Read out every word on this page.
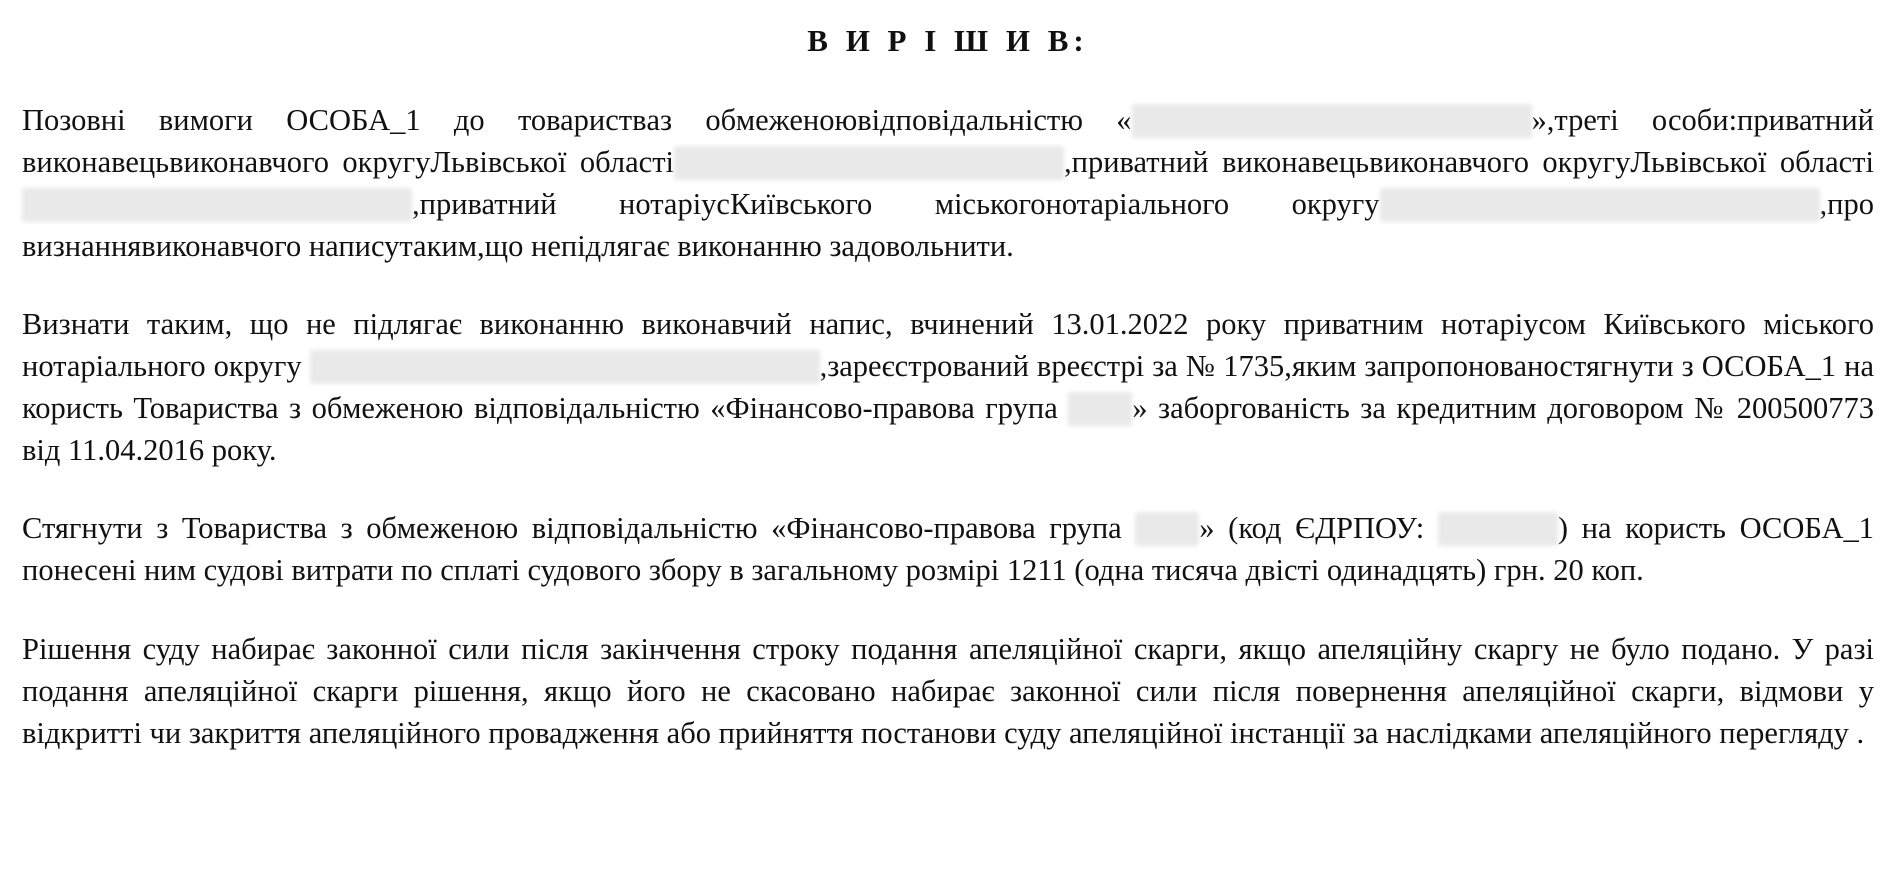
В И Р І Ш И В:

Позовні вимоги ОСОБА_1 до товариствaз обмеженоювідповідальністю «	»,треті особи:приватний виконавецьвиконавчого округуЛьвівської області	,приватний виконавецьвиконавчого округуЛьвівської області,приватний нотаріусКиївського міськогонотаріального округу	,про визнаннявиконавчого написутаким,що непідлягає виконанню задовольнити.

Визнати таким, що не підлягає виконанню виконавчий напис, вчинений 13.01.2022 року приватним нотаріусом Київського міського нотаріального округу	,зареєстрований вреєстрі за № 1735,яким запропонованостягнути з ОСОБА_1 на користь Товариства з обмеженою відповідальністю «Фінансово-правова група » заборгованість за кредитним договором № 200500773 від 11.04.2016 року.

Стягнути з Товариства з обмеженою відповідальністю «Фінансово-правова група » (код ЄДРПОУ:	) на користь ОСОБА_1 понесені ним судові витрати по сплаті судового збору в загальному розмірі 1211 (одна тисяча двісті одинадцять) грн. 20 коп.

Рішення суду набирає законної сили після закінчення строку подання апеляційної скарги, якщо апеляційну скаргу не було подано. У разі подання апеляційної скарги рішення, якщо його не скасовано набирає законної сили після повернення апеляційної скарги, відмови у відкритті чи закриття апеляційного провадження або прийняття постанови суду апеляційної інстанції за наслідками апеляційного перегляду .
